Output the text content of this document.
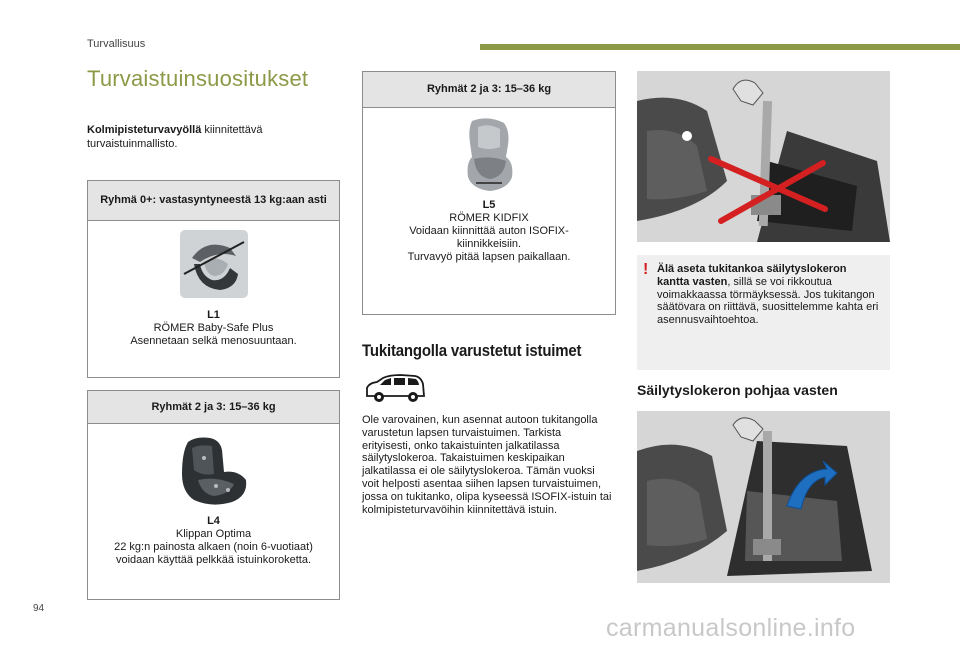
Turvallisuus
Turvaistuinsuositukset

Kolmipisteturvavyöllä kiinnitettävä turvaistuinmallisto.

Ryhmä 0+: vastasyntyneestä 13 kg:aan asti
L1
RÖMER Baby-Safe Plus
Asennetaan selkä menosuuntaan.
Ryhmät 2 ja 3: 15–36 kg
L4
Klippan Optima
22 kg:n painosta alkaen (noin 6-vuotiaat) voidaan käyttää pelkkää istuinkoroketta.
Ryhmät 2 ja 3: 15–36 kg
L5
RÖMER KIDFIX
Voidaan kiinnittää auton ISOFIX-kiinnikkeisiin.
Turvavyö pitää lapsen paikallaan.
Tukitangolla varustetut istuimet

Ole varovainen, kun asennat autoon tukitangolla varustetun lapsen turvaistuimen. Tarkista erityisesti, onko takaistuinten jalkatilassa säilytyslokeroa. Takaistuimen keskipaikan jalkatilassa ei ole säilytyslokeroa. Tämän vuoksi voit helposti asentaa siihen lapsen turvaistuimen, jossa on tukitanko, olipa kyseessä ISOFIX-istuin tai kolmipisteturvavöihin kiinnitettävä istuin.

! Älä aseta tukitankoa säilytyslokeron kantta vasten, sillä se voi rikkoutua voimakkaassa törmäyksessä. Jos tukitangon säätövara on riittävä, suosittelemme kahta eri asennusvaihtoehtoa.
Säilytyslokeron pohjaa vasten
94
carmanualsonline.info
